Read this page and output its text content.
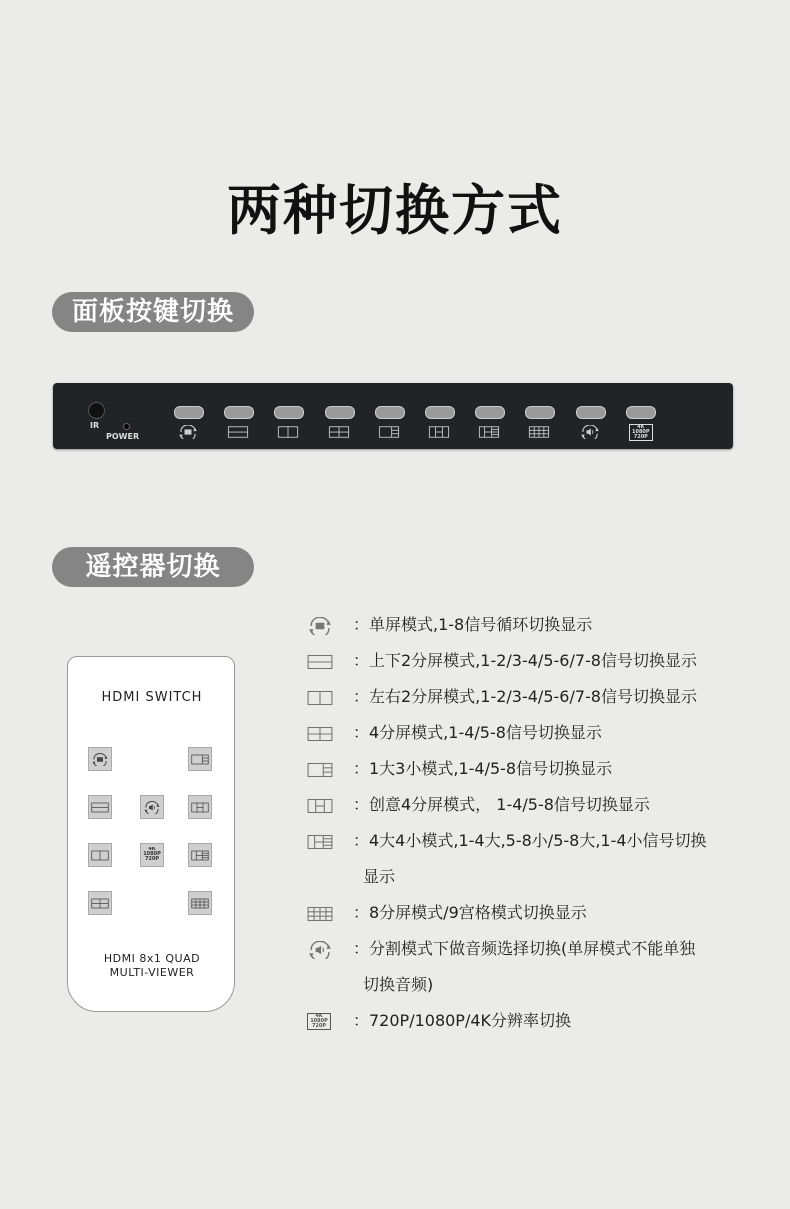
两种切换方式
面板按键切换
IR
POWER
4K
1080P
720P
遥控器切换
HDMI SWITCH
4K
1080P
720P
HDMI 8x1 QUAD
MULTI-VIEWER
：单屏模式,1-8信号循环切换显示
：上下2分屏模式,1-2/3-4/5-6/7-8信号切换显示
：左右2分屏模式,1-2/3-4/5-6/7-8信号切换显示
：4分屏模式,1-4/5-8信号切换显示
：1大3小模式,1-4/5-8信号切换显示
：创意4分屏模式， 1-4/5-8信号切换显示
：4大4小模式,1-4大,5-8小/5-8大,1-4小信号切换
显示
：8分屏模式/9宫格模式切换显示
：分割模式下做音频选择切换(单屏模式不能单独
切换音频)
4K
1080P
720P ：720P/1080P/4K分辨率切换
